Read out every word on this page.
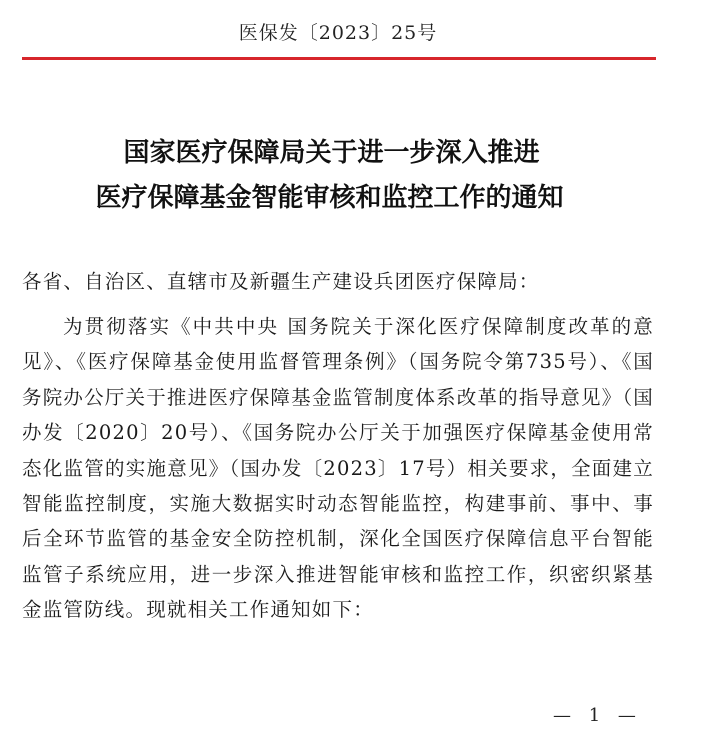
医保发〔2023〕25号
国家医疗保障局关于进一步深入推进
医疗保障基金智能审核和监控工作的通知
各省、自治区、直辖市及新疆生产建设兵团医疗保障局：

为贯彻落实《中共中央 国务院关于深化医疗保障制度改革的意见》、《医疗保障基金使用监督管理条例》（国务院令第735号）、《国务院办公厅关于推进医疗保障基金监管制度体系改革的指导意见》（国办发〔2020〕20号）、《国务院办公厅关于加强医疗保障基金使用常态化监管的实施意见》（国办发〔2023〕17号）相关要求，全面建立智能监控制度，实施大数据实时动态智能监控，构建事前、事中、事后全环节监管的基金安全防控机制，深化全国医疗保障信息平台智能监管子系统应用，进一步深入推进智能审核和监控工作，织密织紧基金监管防线。现就相关工作通知如下：

— 1 —
